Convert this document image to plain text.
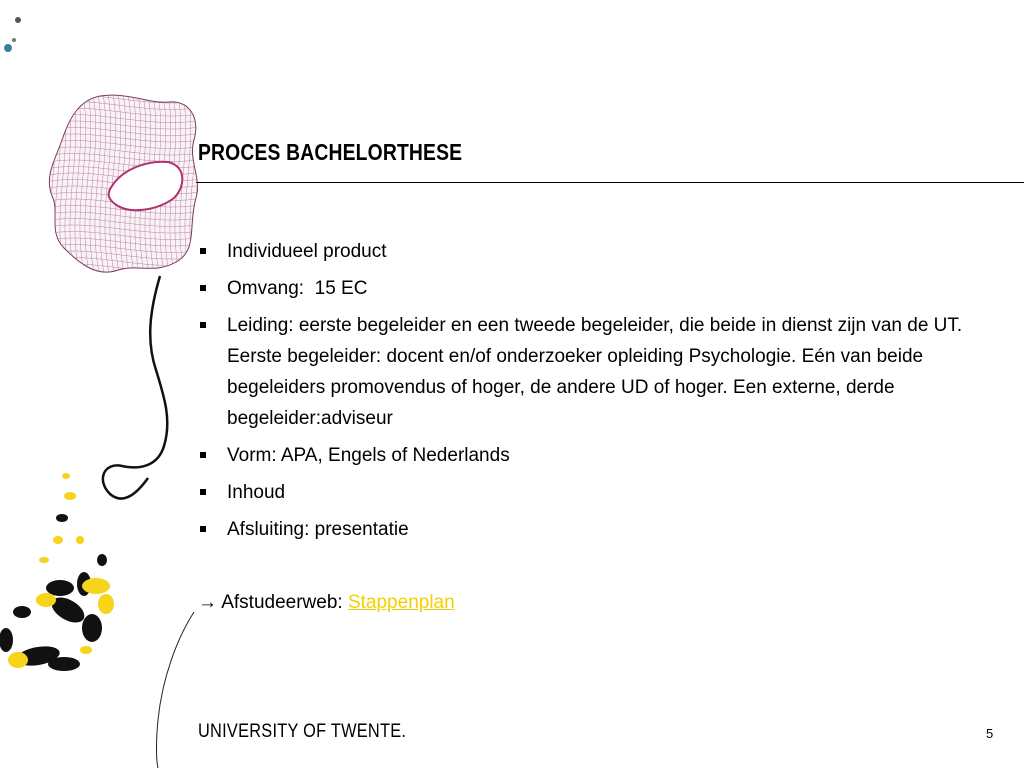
PROCES BACHELORTHESE
Individueel product
Omvang:  15 EC
Leiding: eerste begeleider en een tweede begeleider, die beide in dienst zijn van de UT. Eerste begeleider: docent en/of onderzoeker opleiding Psychologie. Eén van beide begeleiders promovendus of hoger, de andere UD of hoger. Een externe, derde begeleider:adviseur
Vorm: APA, Engels of Nederlands
Inhoud
Afsluiting: presentatie
→ Afstudeerweb: Stappenplan

UNIVERSITY OF TWENTE.	5
